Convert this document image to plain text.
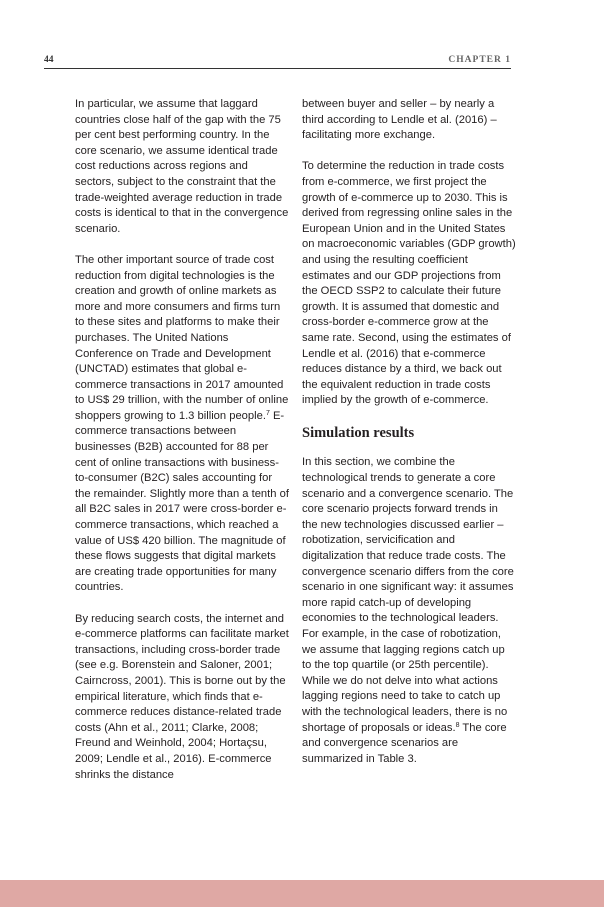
44	CHAPTER 1

In particular, we assume that laggard countries close half of the gap with the 75 per cent best performing country. In the core scenario, we assume identical trade cost reductions across regions and sectors, subject to the constraint that the trade-weighted average reduction in trade costs is identical to that in the convergence scenario.

The other important source of trade cost reduction from digital technologies is the creation and growth of online markets as more and more consumers and firms turn to these sites and platforms to make their purchases. The United Nations Conference on Trade and Development (UNCTAD) estimates that global e-commerce transactions in 2017 amounted to US$ 29 trillion, with the number of online shoppers growing to 1.3 billion people.$^7$ E-commerce transactions between businesses (B2B) accounted for 88 per cent of online transactions with business-to-consumer (B2C) sales accounting for the remainder. Slightly more than a tenth of all B2C sales in 2017 were cross-border e-commerce transactions, which reached a value of US$ 420 billion. The magnitude of these flows suggests that digital markets are creating trade opportunities for many countries.

By reducing search costs, the internet and e-commerce platforms can facilitate market transactions, including cross-border trade (see e.g. Borenstein and Saloner, 2001; Cairncross, 2001). This is borne out by the empirical literature, which finds that e-commerce reduces distance-related trade costs (Ahn et al., 2011; Clarke, 2008; Freund and Weinhold, 2004; Hortaçsu, 2009; Lendle et al., 2016). E-commerce shrinks the distance

between buyer and seller – by nearly a third according to Lendle et al. (2016) – facilitating more exchange.

To determine the reduction in trade costs from e-commerce, we first project the growth of e-commerce up to 2030. This is derived from regressing online sales in the European Union and in the United States on macroeconomic variables (GDP growth) and using the resulting coefficient estimates and our GDP projections from the OECD SSP2 to calculate their future growth. It is assumed that domestic and cross-border e-commerce grow at the same rate. Second, using the estimates of Lendle et al. (2016) that e-commerce reduces distance by a third, we back out the equivalent reduction in trade costs implied by the growth of e-commerce.

Simulation results

In this section, we combine the technological trends to generate a core scenario and a convergence scenario. The core scenario projects forward trends in the new technologies discussed earlier – robotization, servicification and digitalization that reduce trade costs. The convergence scenario differs from the core scenario in one significant way: it assumes more rapid catch-up of developing economies to the technological leaders. For example, in the case of robotization, we assume that lagging regions catch up to the top quartile (or 25th percentile). While we do not delve into what actions lagging regions need to take to catch up with the technological leaders, there is no shortage of proposals or ideas.$^8$ The core and convergence scenarios are summarized in Table 3.
